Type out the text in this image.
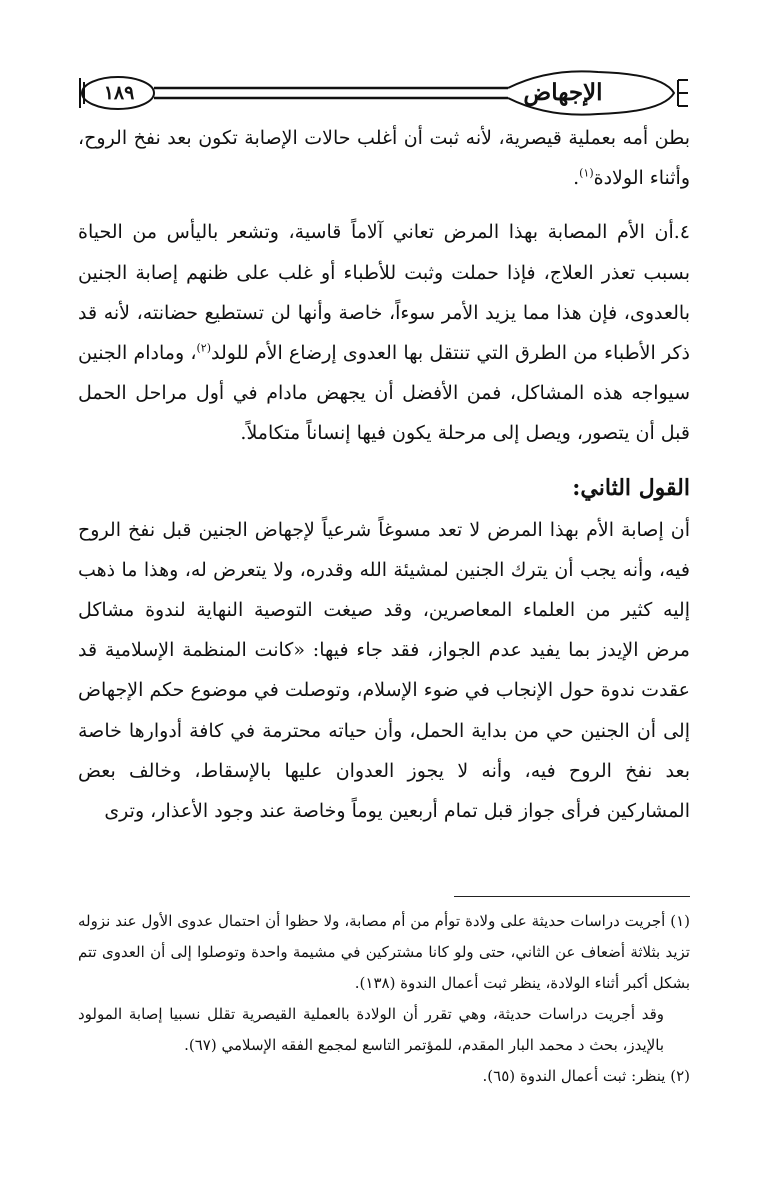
الإجهاض
١٨٩

بطن أمه بعملية قيصرية، لأنه ثبت أن أغلب حالات الإصابة تكون بعد نفخ الروح، وأثناء الولادة$^{(١)}$.

٤.أن الأم المصابة بهذا المرض تعاني آلاماً قاسية، وتشعر باليأس من الحياة بسبب تعذر العلاج، فإذا حملت وثبت للأطباء أو غلب على ظنهم إصابة الجنين بالعدوى، فإن هذا مما يزيد الأمر سوءاً، خاصة وأنها لن تستطيع حضانته، لأنه قد ذكر الأطباء من الطرق التي تنتقل بها العدوى إرضاع الأم للولد$^{(٢)}$، ومادام الجنين سيواجه هذه المشاكل، فمن الأفضل أن يجهض مادام في أول مراحل الحمل قبل أن يتصور، ويصل إلى مرحلة يكون فيها إنساناً متكاملاً.

القول الثاني:

أن إصابة الأم بهذا المرض لا تعد مسوغاً شرعياً لإجهاض الجنين قبل نفخ الروح فيه، وأنه يجب أن يترك الجنين لمشيئة الله وقدره، ولا يتعرض له، وهذا ما ذهب إليه كثير من العلماء المعاصرين، وقد صيغت التوصية النهاية لندوة مشاكل مرض الإيدز بما يفيد عدم الجواز، فقد جاء فيها: «كانت المنظمة الإسلامية قد عقدت ندوة حول الإنجاب في ضوء الإسلام، وتوصلت في موضوع حكم الإجهاض إلى أن الجنين حي من بداية الحمل، وأن حياته محترمة في كافة أدوارها خاصة بعد نفخ الروح فيه، وأنه لا يجوز العدوان عليها بالإسقاط، وخالف بعض المشاركين فرأى جواز قبل تمام أربعين يوماً وخاصة عند وجود الأعذار، وترى

(١) أجريت دراسات حديثة على ولادة توأم من أم مصابة، ولا حظوا أن احتمال عدوى الأول عند نزوله تزيد بثلاثة أضعاف عن الثاني، حتى ولو كانا مشتركين في مشيمة واحدة وتوصلوا إلى أن العدوى تتم بشكل أكبر أثناء الولادة، ينظر ثبت أعمال الندوة (١٣٨).

وقد أجريت دراسات حديثة، وهي تقرر أن الولادة بالعملية القيصرية تقلل نسبيا إصابة المولود بالإيدز، بحث د محمد البار المقدم، للمؤتمر التاسع لمجمع الفقه الإسلامي (٦٧).

(٢) ينظر: ثبت أعمال الندوة (٦٥).
